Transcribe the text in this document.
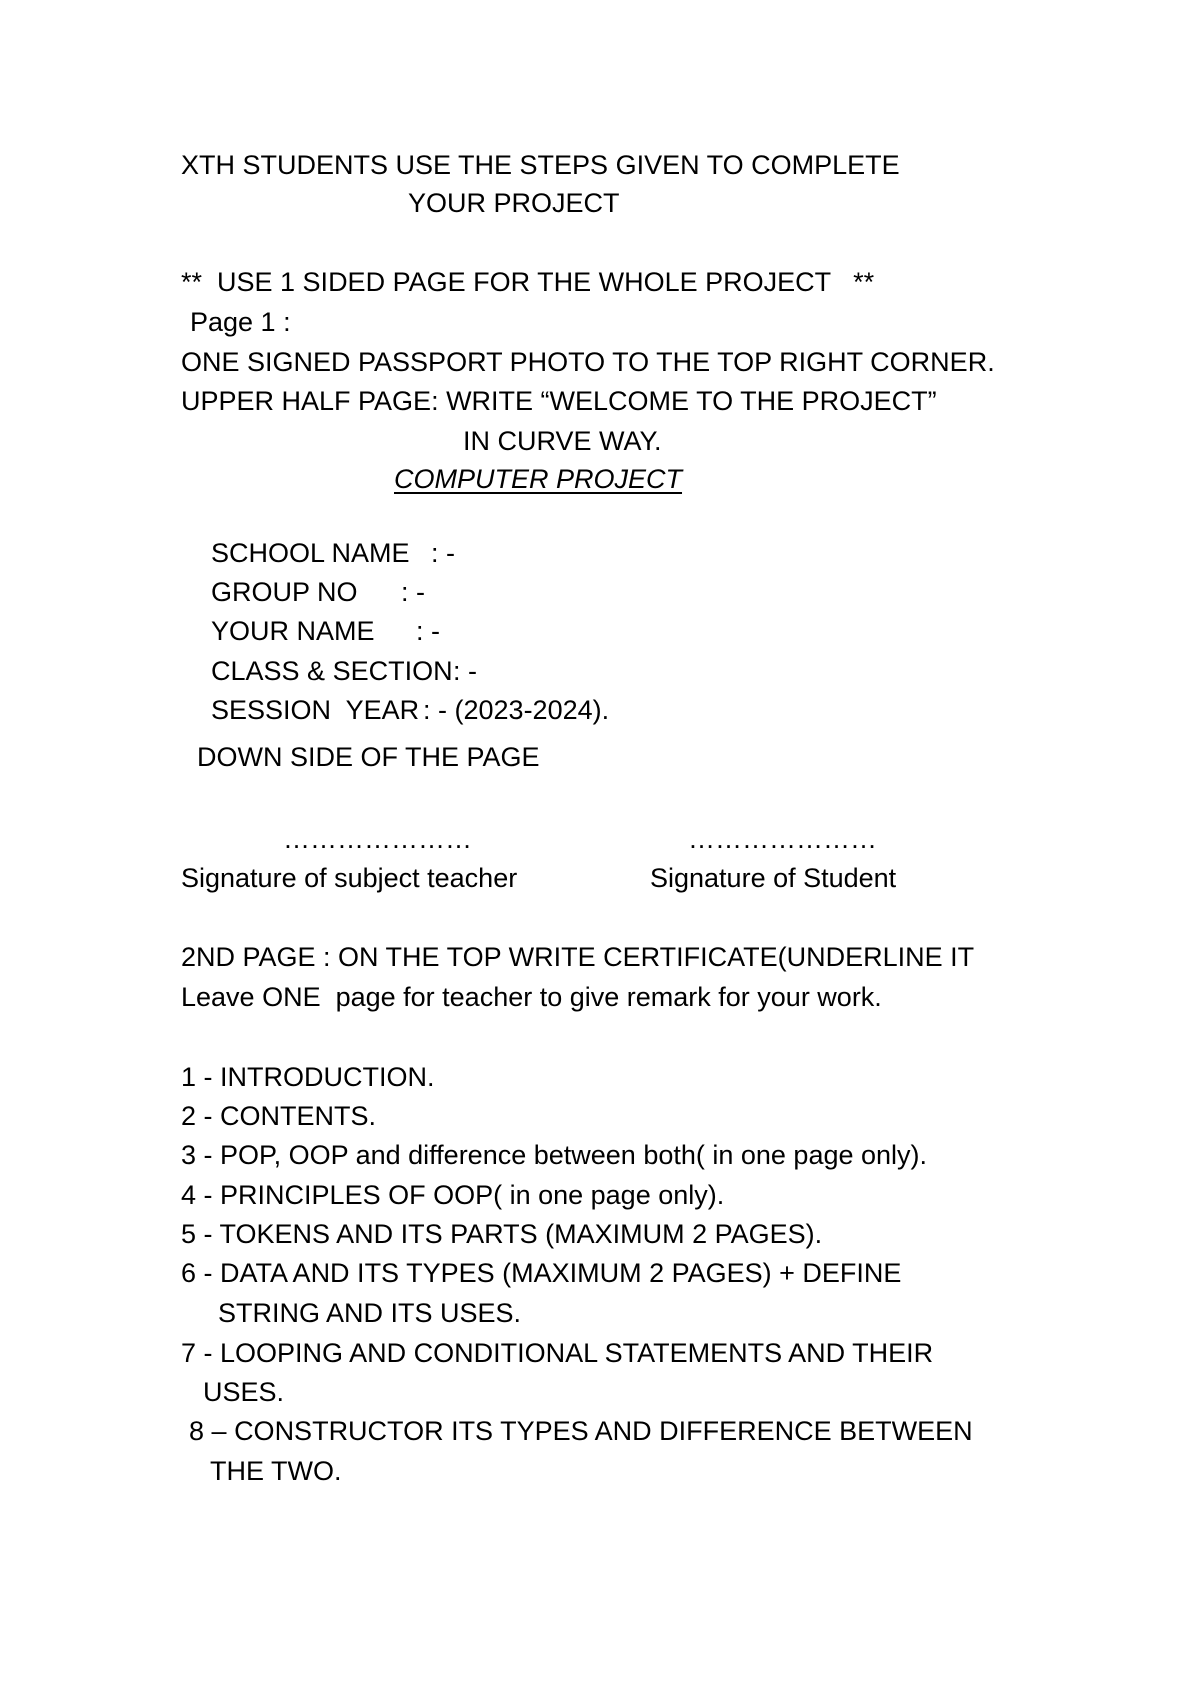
XTH STUDENTS USE THE STEPS GIVEN TO COMPLETE
YOUR PROJECT
**  USE 1 SIDED PAGE FOR THE WHOLE PROJECT   **
Page 1 :
ONE SIGNED PASSPORT PHOTO TO THE TOP RIGHT CORNER.
UPPER HALF PAGE: WRITE “WELCOME TO THE PROJECT”
IN CURVE WAY.
COMPUTER PROJECT

SCHOOL NAME : -

GROUP NO : -

YOUR NAME : -

CLASS & SECTION: -

SESSION  YEAR : - (2023-2024).

DOWN SIDE OF THE PAGE
…………………	…………………
Signature of subject teacher	Signature of Student
2ND PAGE : ON THE TOP WRITE CERTIFICATE(UNDERLINE IT
Leave ONE  page for teacher to give remark for your work.
1 - INTRODUCTION.
2 - CONTENTS.
3 - POP, OOP and difference between both( in one page only).
4 - PRINCIPLES OF OOP( in one page only).
5 - TOKENS AND ITS PARTS (MAXIMUM 2 PAGES).
6 - DATA AND ITS TYPES (MAXIMUM 2 PAGES) + DEFINE
STRING AND ITS USES.
7 - LOOPING AND CONDITIONAL STATEMENTS AND THEIR
USES.
8 – CONSTRUCTOR ITS TYPES AND DIFFERENCE BETWEEN
THE TWO.
